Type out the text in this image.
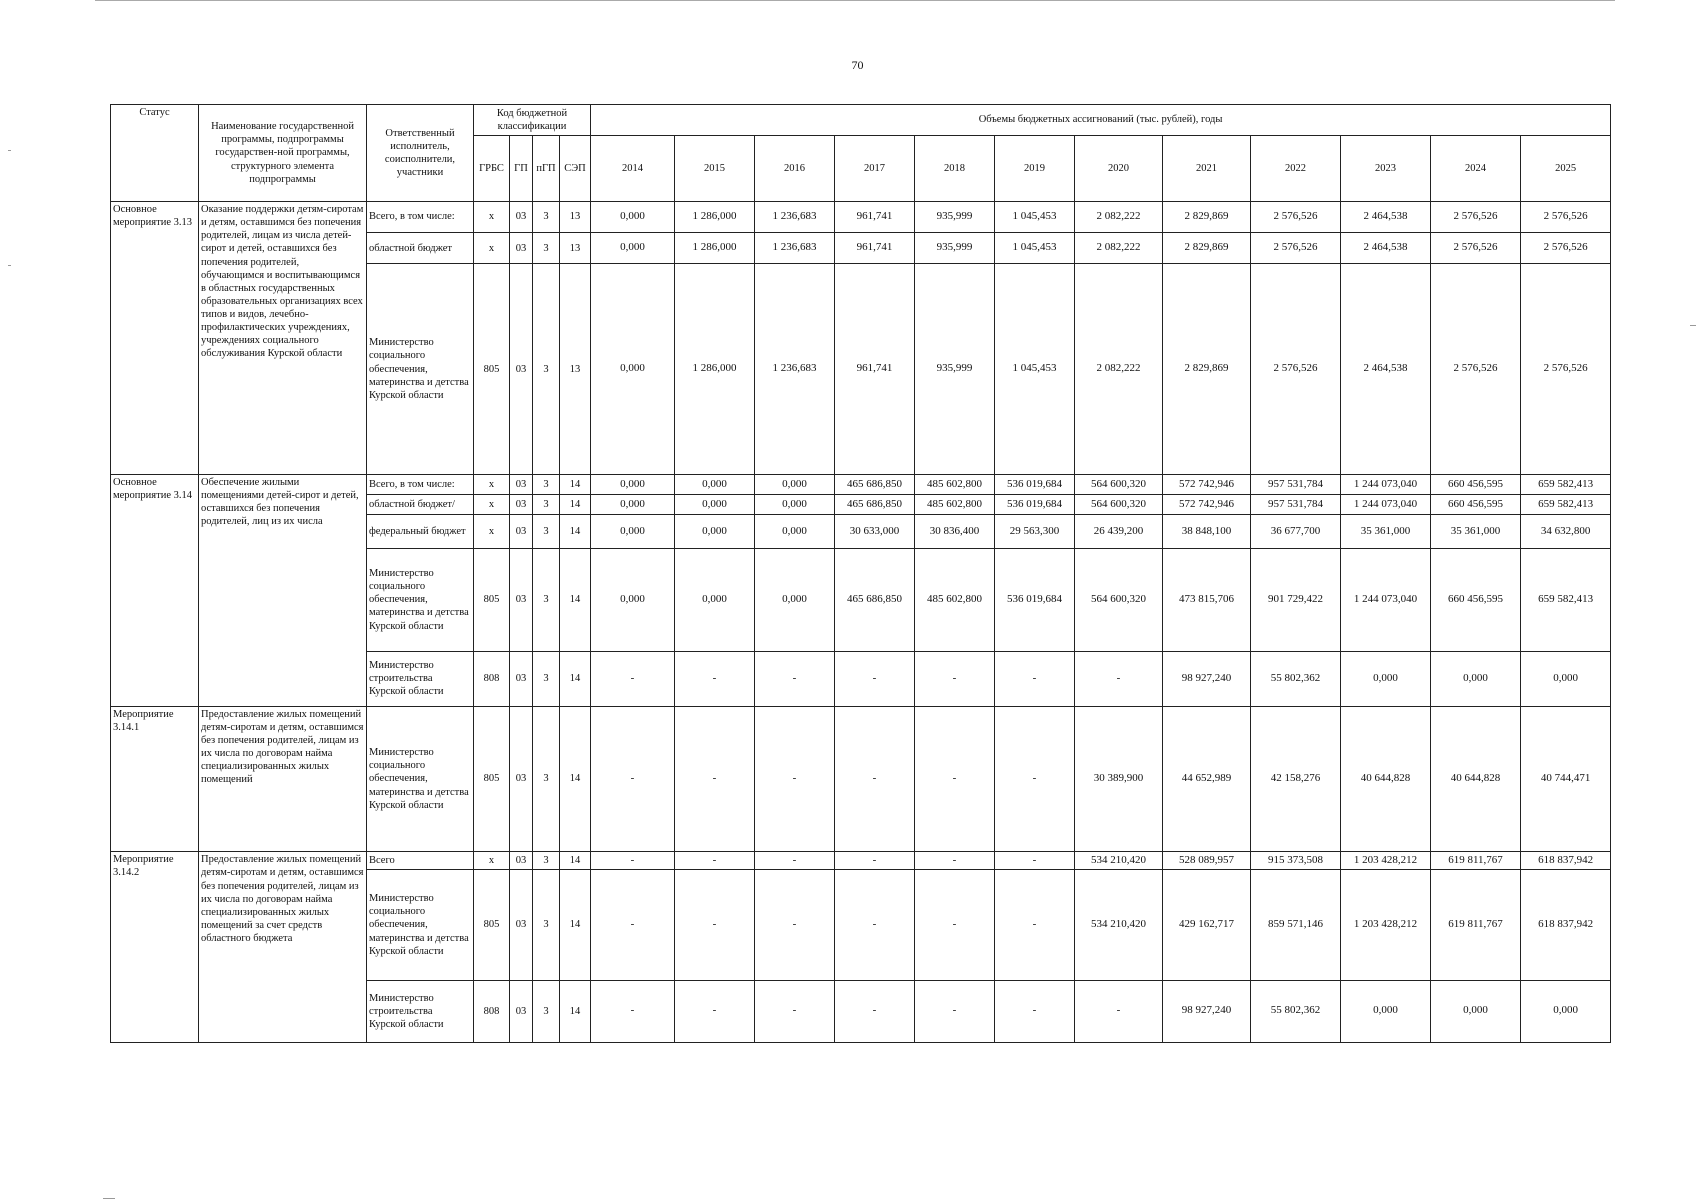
70
Статус	Наименование государственной программы, подпрограммы государствен-ной программы, структурного элемента подпрограммы	Ответственный исполнитель, соисполнители, участники	Код бюджетной классификации				Объемы бюджетных ассигнований (тыс. рублей), годы											
			ГРБС	ГП	пГП	СЭП	2014	2015	2016	2017	2018	2019	2020	2021	2022	2023	2024	2025
Основное мероприятие 3.13	Оказание поддержки детям-сиротам и детям, оставшимся без попечения родителей, лицам из числа детей-сирот и детей, оставшихся без попечения родителей, обучающимся и воспитывающимся в областных государственных образовательных организациях всех типов и видов, лечебно-профилактических учреждениях, учреждениях социального обслуживания Курской области	Всего, в том числе:	x	03	3	13	0,000	1 286,000	1 236,683	961,741	935,999	1 045,453	2 082,222	2 829,869	2 576,526	2 464,538	2 576,526	2 576,526
		областной бюджет	x	03	3	13	0,000	1 286,000	1 236,683	961,741	935,999	1 045,453	2 082,222	2 829,869	2 576,526	2 464,538	2 576,526	2 576,526
		Министерство социального обеспечения, материнства и детства Курской области	805	03	3	13	0,000	1 286,000	1 236,683	961,741	935,999	1 045,453	2 082,222	2 829,869	2 576,526	2 464,538	2 576,526	2 576,526
Основное мероприятие 3.14	Обеспечение жилыми помещениями детей-сирот и детей, оставшихся без попечения родителей, лиц из их числа	Всего, в том числе:	x	03	3	14	0,000	0,000	0,000	465 686,850	485 602,800	536 019,684	564 600,320	572 742,946	957 531,784	1 244 073,040	660 456,595	659 582,413
		областной бюджет/	x	03	3	14	0,000	0,000	0,000	465 686,850	485 602,800	536 019,684	564 600,320	572 742,946	957 531,784	1 244 073,040	660 456,595	659 582,413
		федеральный бюджет	x	03	3	14	0,000	0,000	0,000	30 633,000	30 836,400	29 563,300	26 439,200	38 848,100	36 677,700	35 361,000	35 361,000	34 632,800
		Министерство социального обеспечения, материнства и детства Курской области	805	03	3	14	0,000	0,000	0,000	465 686,850	485 602,800	536 019,684	564 600,320	473 815,706	901 729,422	1 244 073,040	660 456,595	659 582,413
		Министерство строительства Курской области	808	03	3	14	-	-	-	-	-	-	-	98 927,240	55 802,362	0,000	0,000	0,000
Мероприятие 3.14.1	Предоставление жилых помещений детям-сиротам и детям, оставшимся без попечения родителей, лицам из их числа по договорам найма специализированных жилых помещений	Министерство социального обеспечения, материнства и детства Курской области	805	03	3	14	-	-	-	-	-	-	30 389,900	44 652,989	42 158,276	40 644,828	40 644,828	40 744,471
Мероприятие 3.14.2	Предоставление жилых помещений детям-сиротам и детям, оставшимся без попечения родителей, лицам из их числа по договорам найма специализированных жилых помещений за счет средств областного бюджета	Всего	x	03	3	14	-	-	-	-	-	-	534 210,420	528 089,957	915 373,508	1 203 428,212	619 811,767	618 837,942
		Министерство социального обеспечения, материнства и детства Курской области	805	03	3	14	-	-	-	-	-	-	534 210,420	429 162,717	859 571,146	1 203 428,212	619 811,767	618 837,942
		Министерство строительства Курской области	808	03	3	14	-	-	-	-	-	-	-	98 927,240	55 802,362	0,000	0,000	0,000
